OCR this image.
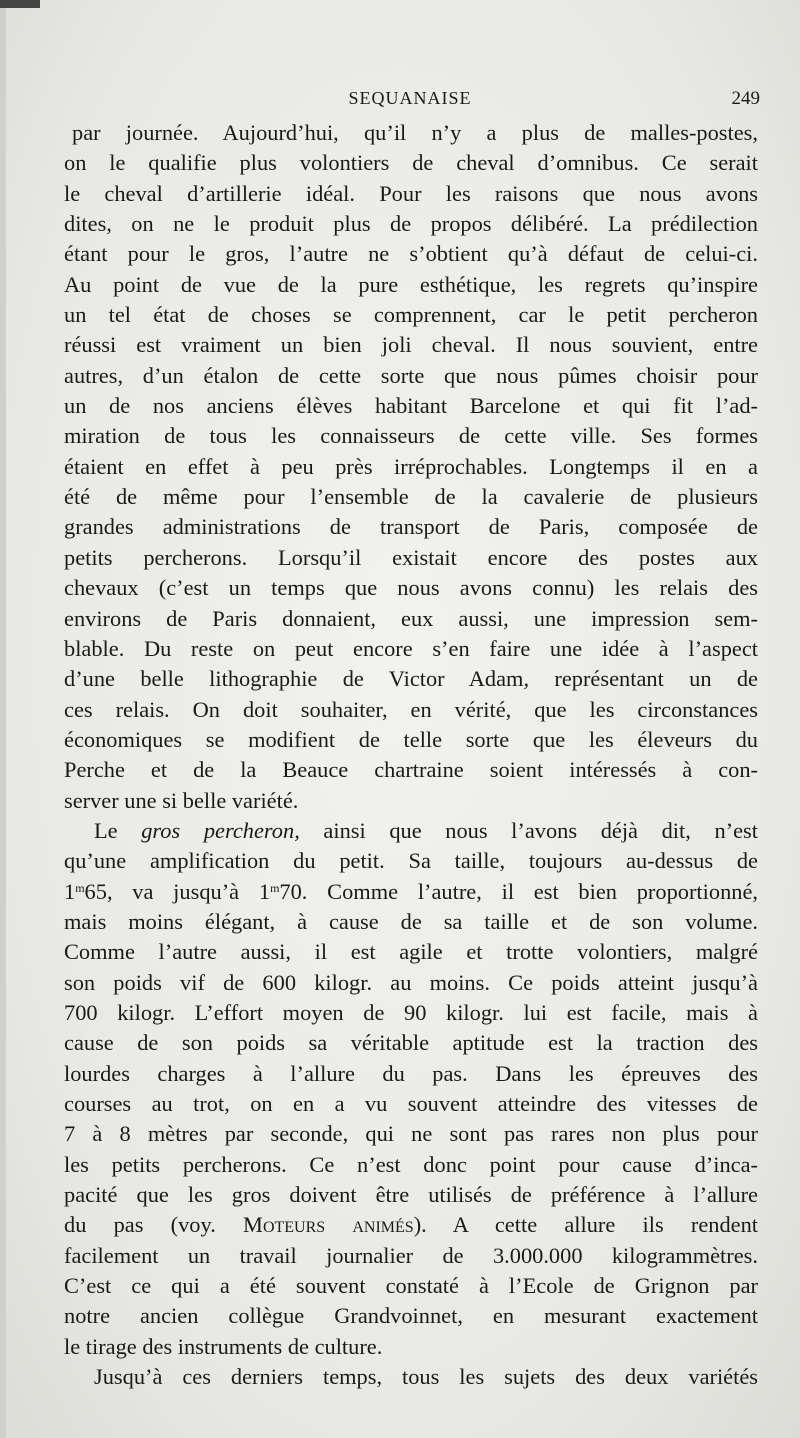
SEQUANAISE	249
par journée. Aujourd’hui, qu’il n’y a plus de malles-postes,
on le qualifie plus volontiers de cheval d’omnibus. Ce serait
le cheval d’artillerie idéal. Pour les raisons que nous avons
dites, on ne le produit plus de propos délibéré. La prédilection
étant pour le gros, l’autre ne s’obtient qu’à défaut de celui-ci.
Au point de vue de la pure esthétique, les regrets qu’inspire
un tel état de choses se comprennent, car le petit percheron
réussi est vraiment un bien joli cheval. Il nous souvient, entre
autres, d’un étalon de cette sorte que nous pûmes choisir pour
un de nos anciens élèves habitant Barcelone et qui fit l’ad-
miration de tous les connaisseurs de cette ville. Ses formes
étaient en effet à peu près irréprochables. Longtemps il en a
été de même pour l’ensemble de la cavalerie de plusieurs
grandes administrations de transport de Paris, composée de
petits percherons. Lorsqu’il existait encore des postes aux
chevaux (c’est un temps que nous avons connu) les relais des
environs de Paris donnaient, eux aussi, une impression sem-
blable. Du reste on peut encore s’en faire une idée à l’aspect
d’une belle lithographie de Victor Adam, représentant un de
ces relais. On doit souhaiter, en vérité, que les circonstances
économiques se modifient de telle sorte que les éleveurs du
Perche et de la Beauce chartraine soient intéressés à con-
server une si belle variété.
Le gros percheron, ainsi que nous l’avons déjà dit, n’est
qu’une amplification du petit. Sa taille, toujours au-dessus de
1$^m$65, va jusqu’à 1$^m$70. Comme l’autre, il est bien proportionné,
mais moins élégant, à cause de sa taille et de son volume.
Comme l’autre aussi, il est agile et trotte volontiers, malgré
son poids vif de 600 kilogr. au moins. Ce poids atteint jusqu’à
700 kilogr. L’effort moyen de 90 kilogr. lui est facile, mais à
cause de son poids sa véritable aptitude est la traction des
lourdes charges à l’allure du pas. Dans les épreuves des
courses au trot, on en a vu souvent atteindre des vitesses de
7 à 8 mètres par seconde, qui ne sont pas rares non plus pour
les petits percherons. Ce n’est donc point pour cause d’inca-
pacité que les gros doivent être utilisés de préférence à l’allure
du pas (voy. Moteurs animés). A cette allure ils rendent
facilement un travail journalier de 3.000.000 kilogrammètres.
C’est ce qui a été souvent constaté à l’Ecole de Grignon par
notre ancien collègue Grandvoinnet, en mesurant exactement
le tirage des instruments de culture.
Jusqu’à ces derniers temps, tous les sujets des deux variétés
